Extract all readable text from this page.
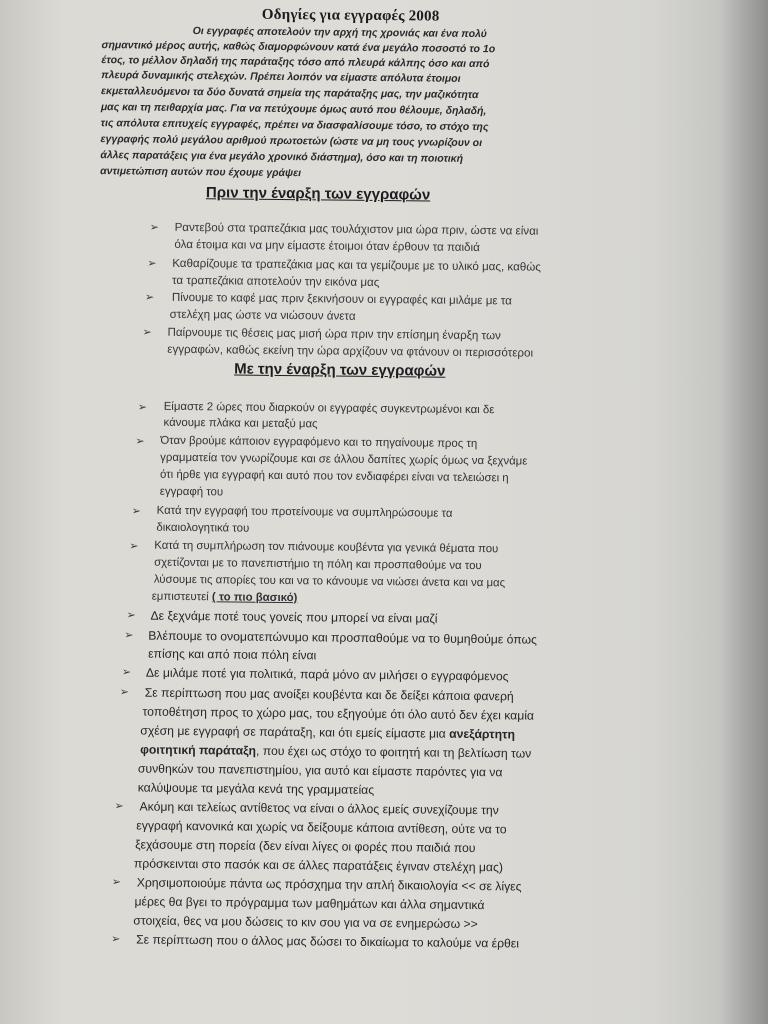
Οδηγίες για εγγραφές 2008
Οι εγγραφές αποτελούν την αρχή της χρονιάς και ένα πολύ
σημαντικό μέρος αυτής, καθώς διαμορφώνουν κατά ένα μεγάλο ποσοστό το 1ο
έτος, το μέλλον δηλαδή της παράταξης τόσο από πλευρά κάλπης όσο και από
πλευρά δυναμικής στελεχών. Πρέπει λοιπόν να είμαστε απόλυτα έτοιμοι
εκμεταλλευόμενοι τα δύο δυνατά σημεία της παράταξης μας, την μαζικότητα
μας και τη πειθαρχία μας. Για να πετύχουμε όμως αυτό που θέλουμε, δηλαδή,
τις απόλυτα επιτυχείς εγγραφές, πρέπει να διασφαλίσουμε τόσο, το στόχο της
εγγραφής πολύ μεγάλου αριθμού πρωτοετών (ώστε να μη τους γνωρίζουν οι
άλλες παρατάξεις για ένα μεγάλο χρονικό διάστημα), όσο και τη ποιοτική
αντιμετώπιση αυτών που έχουμε γράψει
Πριν την έναρξη των εγγραφών
➢ Ραντεβού στα τραπεζάκια μας τουλάχιστον μια ώρα πριν, ώστε να είναι
όλα έτοιμα και να μην είμαστε έτοιμοι όταν έρθουν τα παιδιά
➢ Καθαρίζουμε τα τραπεζάκια μας και τα γεμίζουμε με το υλικό μας, καθώς
τα τραπεζάκια αποτελούν την εικόνα μας
➢ Πίνουμε το καφέ μας πριν ξεκινήσουν οι εγγραφές και μιλάμε με τα
στελέχη μας ώστε να νιώσουν άνετα
➢ Παίρνουμε τις θέσεις μας μισή ώρα πριν την επίσημη έναρξη των
εγγραφών, καθώς εκείνη την ώρα αρχίζουν να φτάνουν οι περισσότεροι
Με την έναρξη των εγγραφών
➢ Είμαστε 2 ώρες που διαρκούν οι εγγραφές συγκεντρωμένοι και δε
κάνουμε πλάκα και μεταξύ μας
➢ Όταν βρούμε κάποιον εγγραφόμενο και το πηγαίνουμε προς τη
γραμματεία τον γνωρίζουμε και σε άλλου δαπίτες χωρίς όμως να ξεχνάμε
ότι ήρθε για εγγραφή και αυτό που τον ενδιαφέρει είναι να τελειώσει η
εγγραφή του
➢ Κατά την εγγραφή του προτείνουμε να συμπληρώσουμε τα
δικαιολογητικά του
➢ Κατά τη συμπλήρωση τον πιάνουμε κουβέντα για γενικά θέματα που
σχετίζονται με το πανεπιστήμιο τη πόλη και προσπαθούμε να του
λύσουμε τις απορίες του και να το κάνουμε να νιώσει άνετα και να μας
εμπιστευτεί ( το πιο βασικό)
➢ Δε ξεχνάμε ποτέ τους γονείς που μπορεί να είναι μαζί
➢ Βλέπουμε το ονοματεπώνυμο και προσπαθούμε να το θυμηθούμε όπως
επίσης και από ποια πόλη είναι
➢ Δε μιλάμε ποτέ για πολιτικά, παρά μόνο αν μιλήσει ο εγγραφόμενος
➢ Σε περίπτωση που μας ανοίξει κουβέντα και δε δείξει κάποια φανερή
τοποθέτηση προς το χώρο μας, του εξηγούμε ότι όλο αυτό δεν έχει καμία
σχέση με εγγραφή σε παράταξη, και ότι εμείς είμαστε μια ανεξάρτητη
φοιτητική παράταξη, που έχει ως στόχο το φοιτητή και τη βελτίωση των
συνθηκών του πανεπιστημίου, για αυτό και είμαστε παρόντες για να
καλύψουμε τα μεγάλα κενά της γραμματείας
➢ Ακόμη και τελείως αντίθετος να είναι ο άλλος εμείς συνεχίζουμε την
εγγραφή κανονικά και χωρίς να δείξουμε κάποια αντίθεση, ούτε να το
ξεχάσουμε στη πορεία (δεν είναι λίγες οι φορές που παιδιά που
πρόσκεινται στο πασόκ και σε άλλες παρατάξεις έγιναν στελέχη μας)
➢ Χρησιμοποιούμε πάντα ως πρόσχημα την απλή δικαιολογία << σε λίγες
μέρες θα βγει το πρόγραμμα των μαθημάτων και άλλα σημαντικά
στοιχεία, θες να μου δώσεις το κιν σου για να σε ενημερώσω >>
➢ Σε περίπτωση που ο άλλος μας δώσει το δικαίωμα το καλούμε να έρθει
